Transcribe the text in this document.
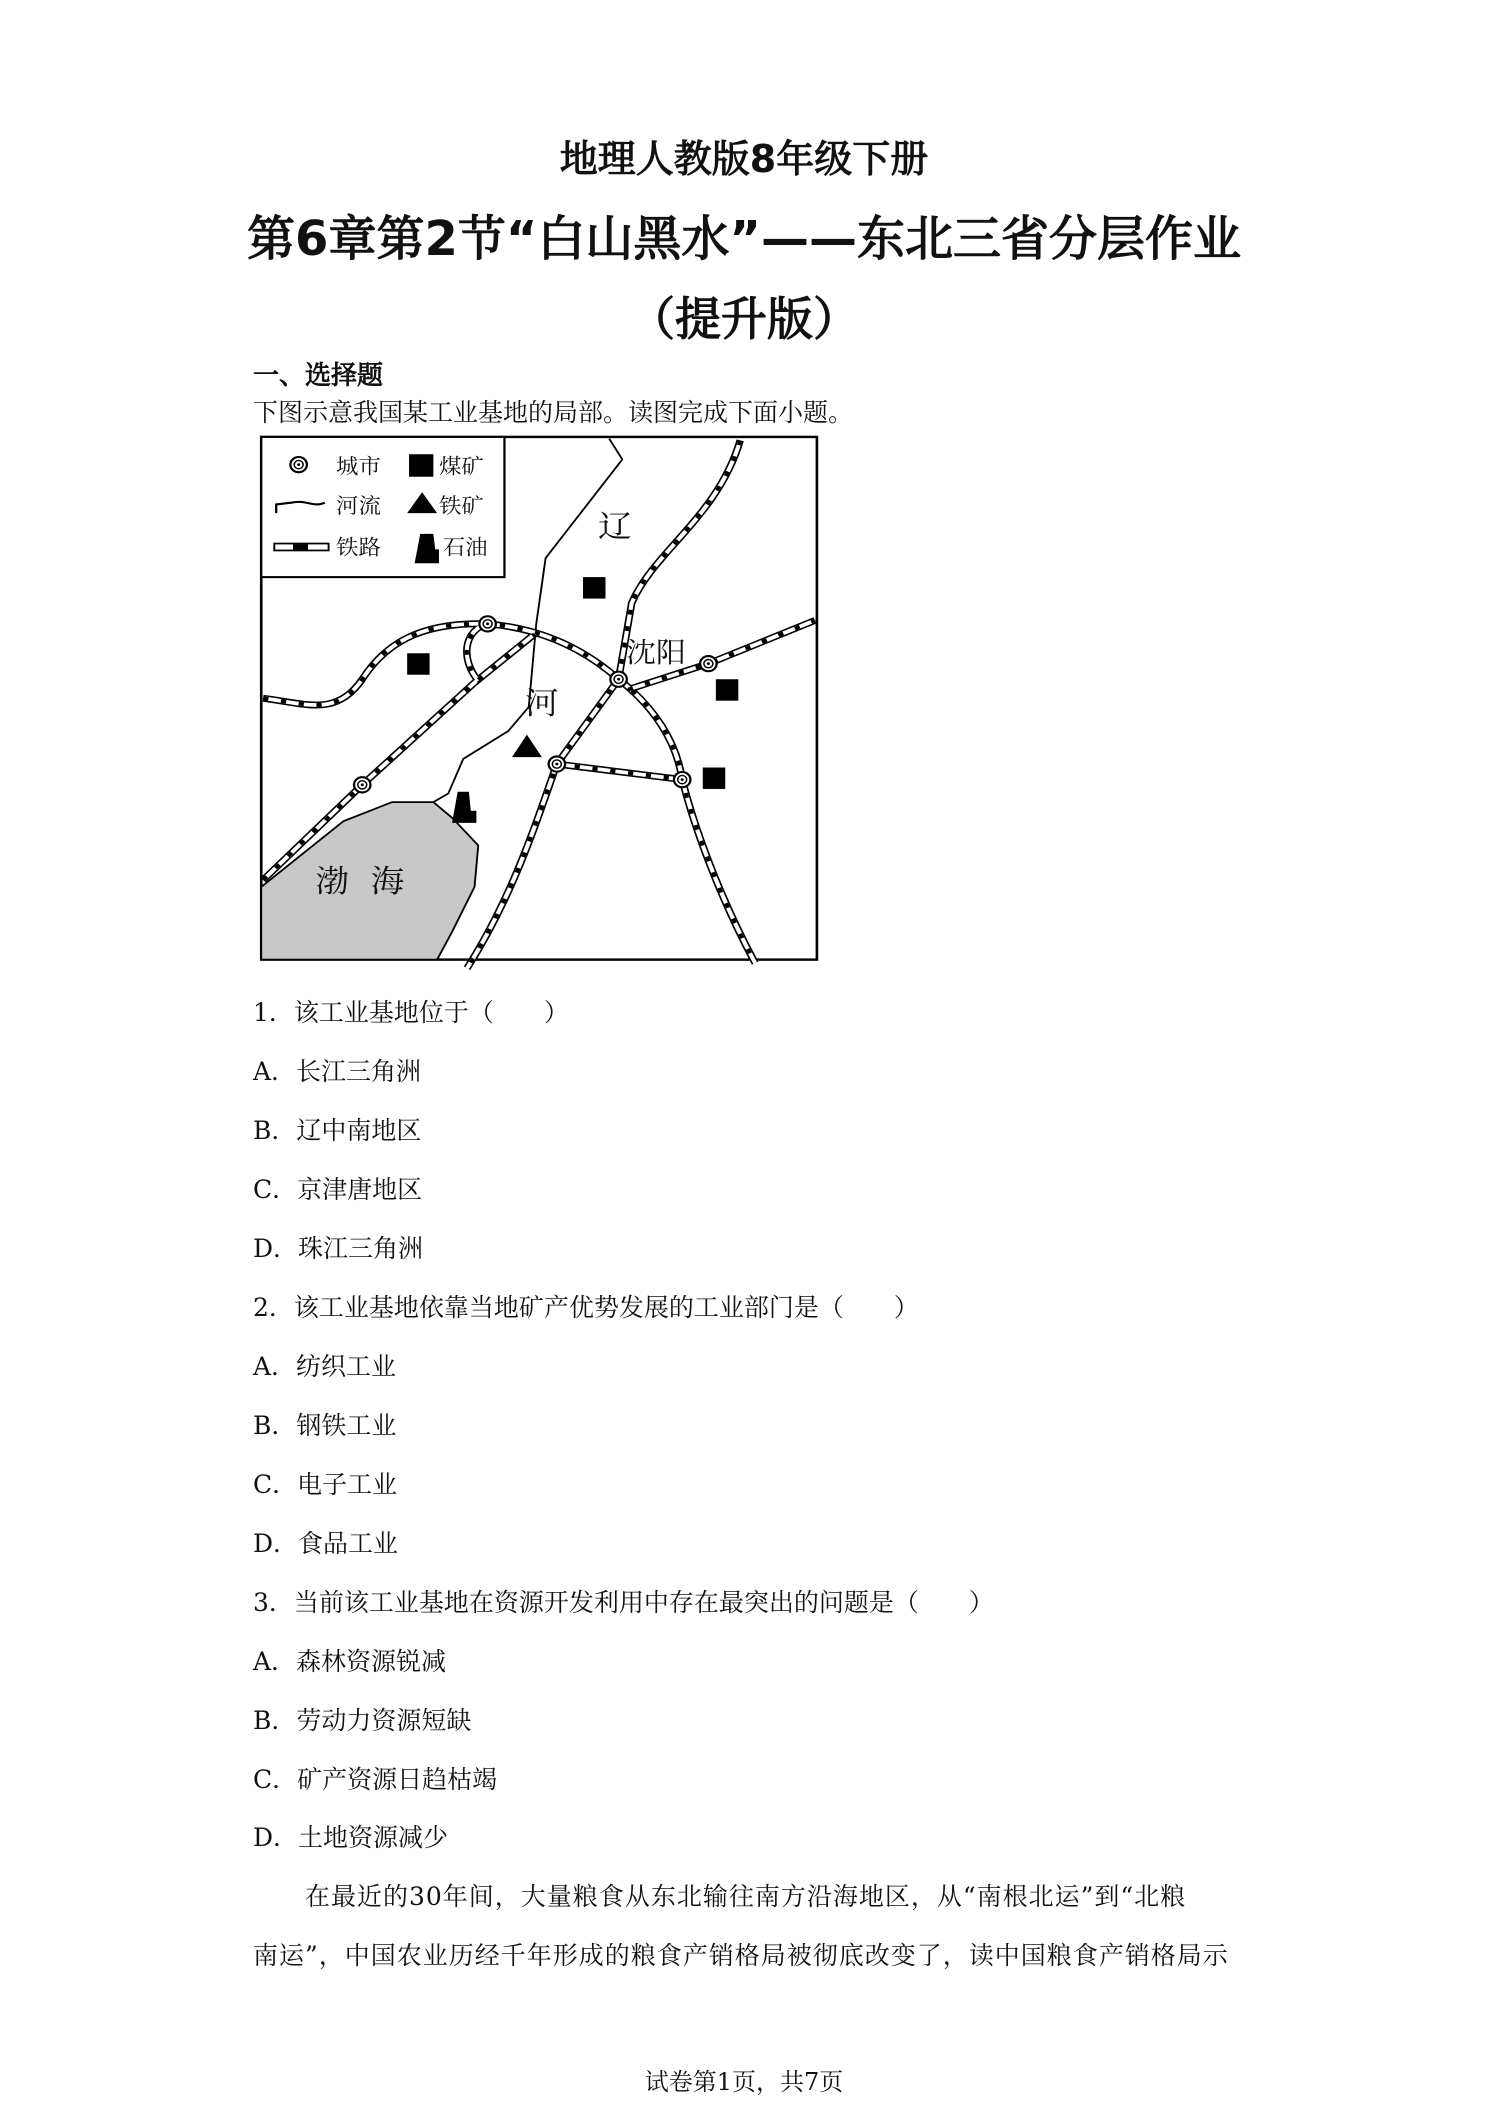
地理人教版8年级下册
第6章第2节“白山黑水”——东北三省分层作业
（提升版）
一、选择题
下图示意我国某工业基地的局部。读图完成下面小题。
辽
河
沈阳
渤  海
城市 煤矿
河流 铁矿
铁路 石油
1．该工业基地位于（　　）
A．长江三角洲
B．辽中南地区
C．京津唐地区
D．珠江三角洲
2．该工业基地依靠当地矿产优势发展的工业部门是（　　）
A．纺织工业
B．钢铁工业
C．电子工业
D．食品工业
3．当前该工业基地在资源开发利用中存在最突出的问题是（　　）
A．森林资源锐减
B．劳动力资源短缺
C．矿产资源日趋枯竭
D．土地资源减少
在最近的30年间，大量粮食从东北输往南方沿海地区，从“南根北运”到“北粮
南运”，中国农业历经千年形成的粮食产销格局被彻底改变了，读中国粮食产销格局示
试卷第1页，共7页
